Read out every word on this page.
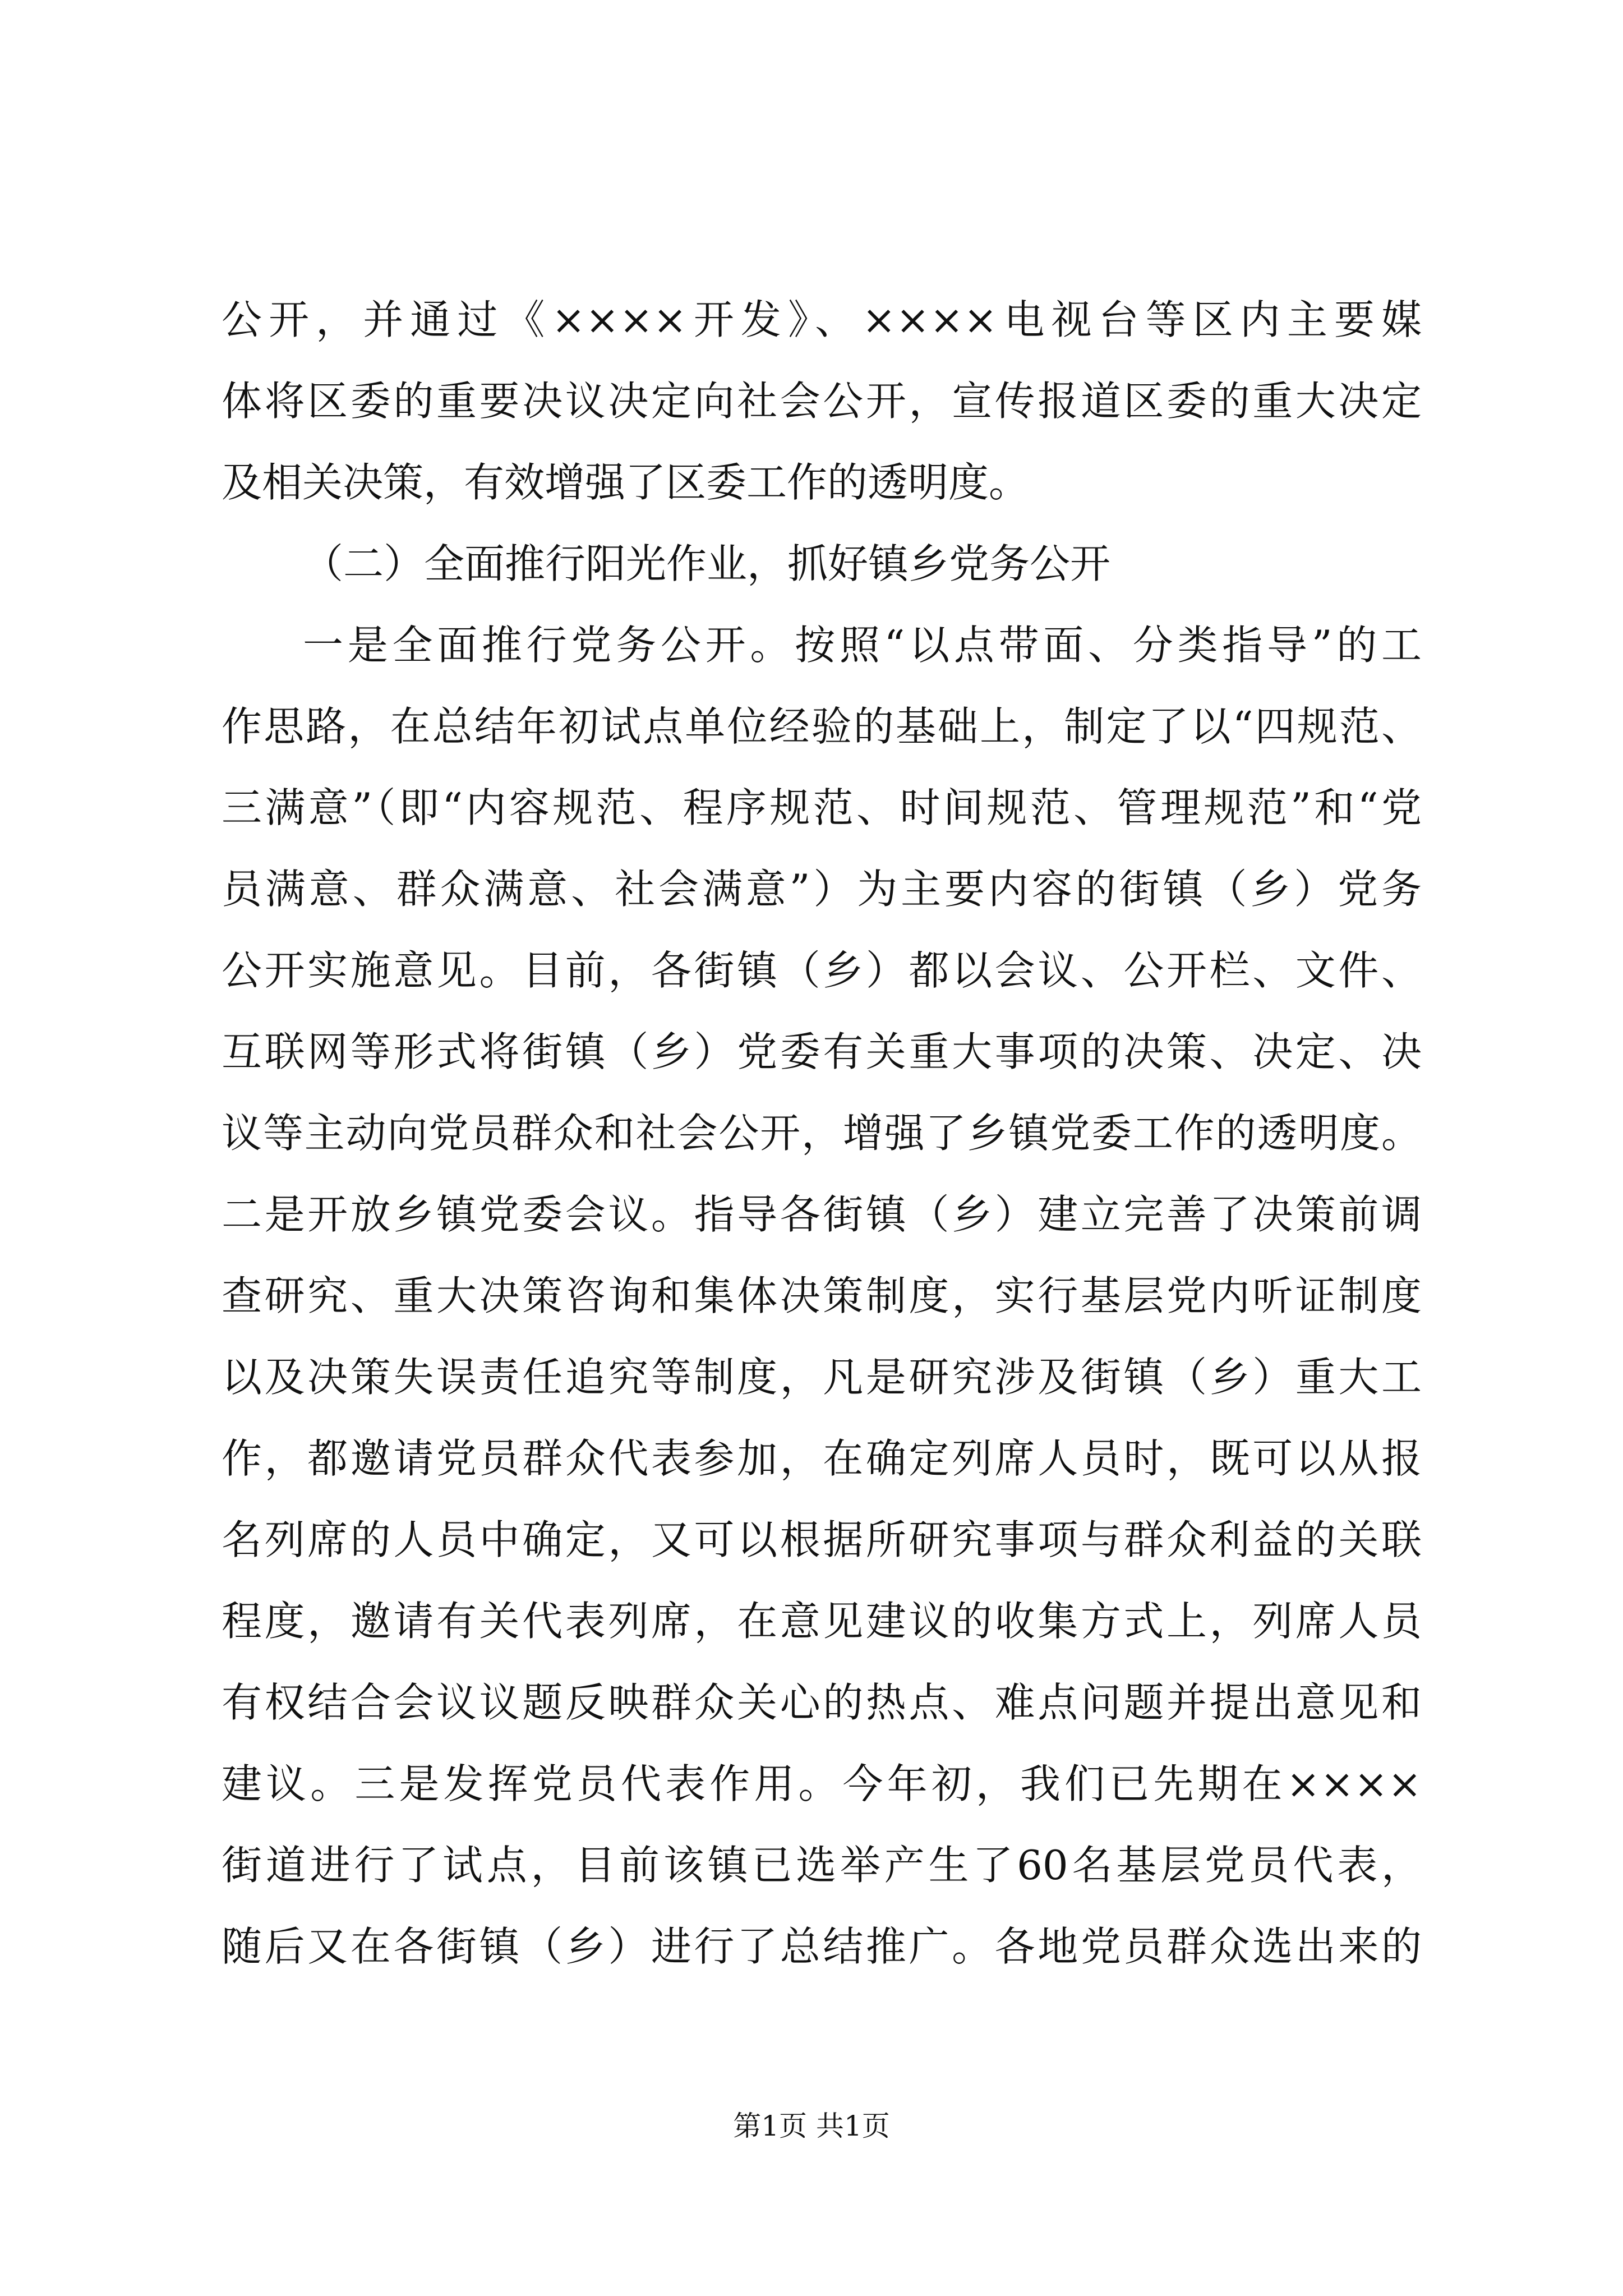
公开，并通过《××××开发》、××××电视台等区内主要媒
体将区委的重要决议决定向社会公开，宣传报道区委的重大决定
及相关决策，有效增强了区委工作的透明度。
（二）全面推行阳光作业，抓好镇乡党务公开
一是全面推行党务公开。按照“以点带面、分类指导”的工
作思路，在总结年初试点单位经验的基础上，制定了以“四规范、
三满意”（即“内容规范、程序规范、时间规范、管理规范”和“党
员满意、群众满意、社会满意”）为主要内容的街镇（乡）党务
公开实施意见。目前，各街镇（乡）都以会议、公开栏、文件、
互联网等形式将街镇（乡）党委有关重大事项的决策、决定、决
议等主动向党员群众和社会公开，增强了乡镇党委工作的透明度。
二是开放乡镇党委会议。指导各街镇（乡）建立完善了决策前调
查研究、重大决策咨询和集体决策制度，实行基层党内听证制度
以及决策失误责任追究等制度，凡是研究涉及街镇（乡）重大工
作，都邀请党员群众代表参加，在确定列席人员时，既可以从报
名列席的人员中确定，又可以根据所研究事项与群众利益的关联
程度，邀请有关代表列席，在意见建议的收集方式上，列席人员
有权结合会议议题反映群众关心的热点、难点问题并提出意见和
建议。三是发挥党员代表作用。今年初，我们已先期在××××
街道进行了试点，目前该镇已选举产生了60名基层党员代表，
随后又在各街镇（乡）进行了总结推广。各地党员群众选出来的
第1页 共1页
